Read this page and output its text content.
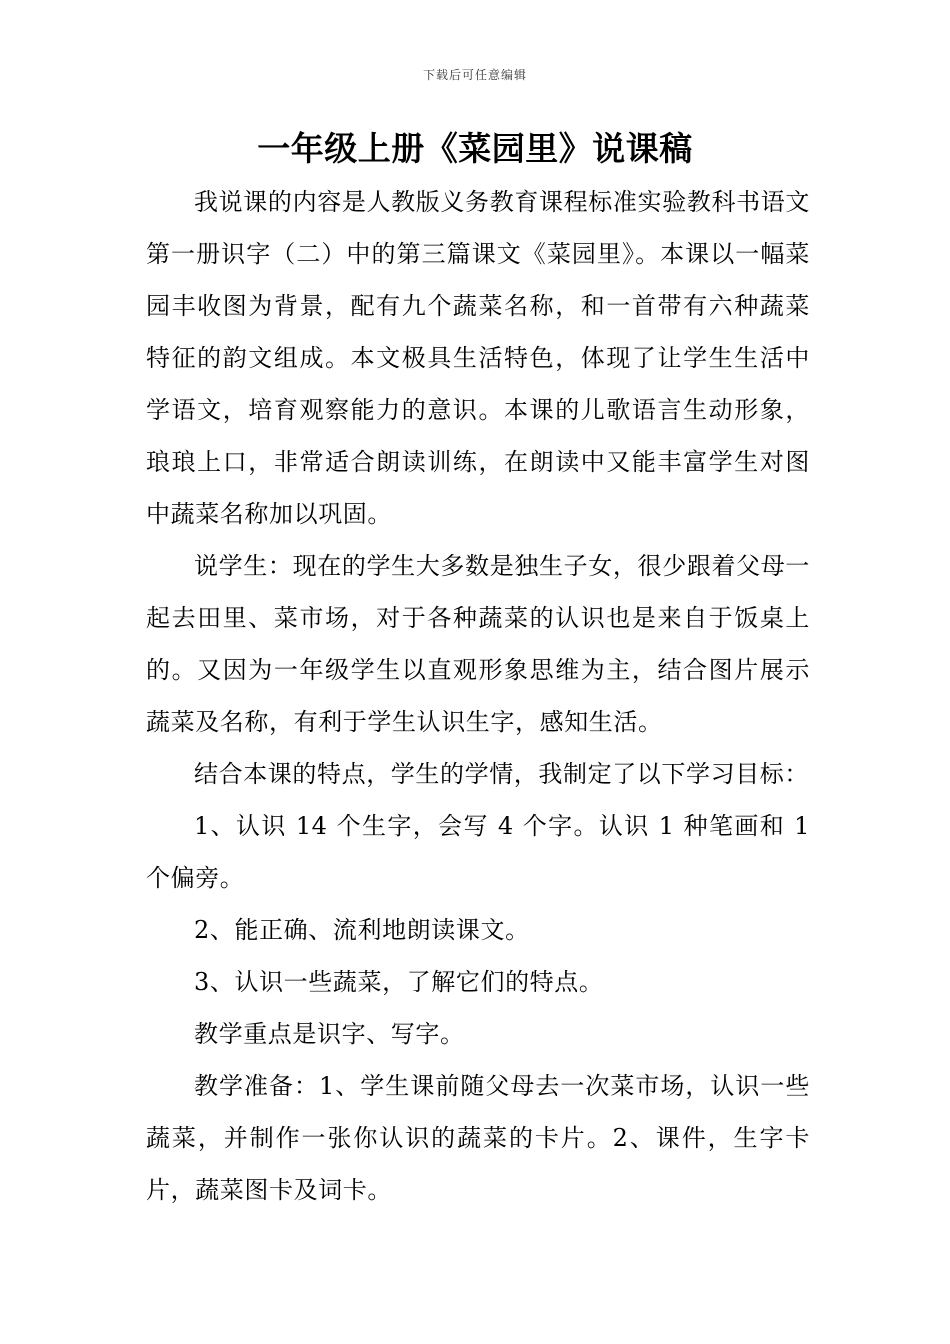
下载后可任意编辑
一年级上册《菜园里》说课稿

我说课的内容是人教版义务教育课程标准实验教科书语文第一册识字（二）中的第三篇课文《菜园里》。本课以一幅菜园丰收图为背景，配有九个蔬菜名称，和一首带有六种蔬菜特征的韵文组成。本文极具生活特色，体现了让学生生活中学语文，培育观察能力的意识。本课的儿歌语言生动形象，琅琅上口，非常适合朗读训练，在朗读中又能丰富学生对图中蔬菜名称加以巩固。

说学生：现在的学生大多数是独生子女，很少跟着父母一起去田里、菜市场，对于各种蔬菜的认识也是来自于饭桌上的。又因为一年级学生以直观形象思维为主，结合图片展示蔬菜及名称，有利于学生认识生字，感知生活。

结合本课的特点，学生的学情，我制定了以下学习目标：

1、认识 14 个生字，会写 4 个字。认识 1 种笔画和 1 个偏旁。

2、能正确、流利地朗读课文。

3、认识一些蔬菜，了解它们的特点。

教学重点是识字、写字。

教学准备：1、学生课前随父母去一次菜市场，认识一些蔬菜，并制作一张你认识的蔬菜的卡片。2、课件，生字卡片，蔬菜图卡及词卡。
